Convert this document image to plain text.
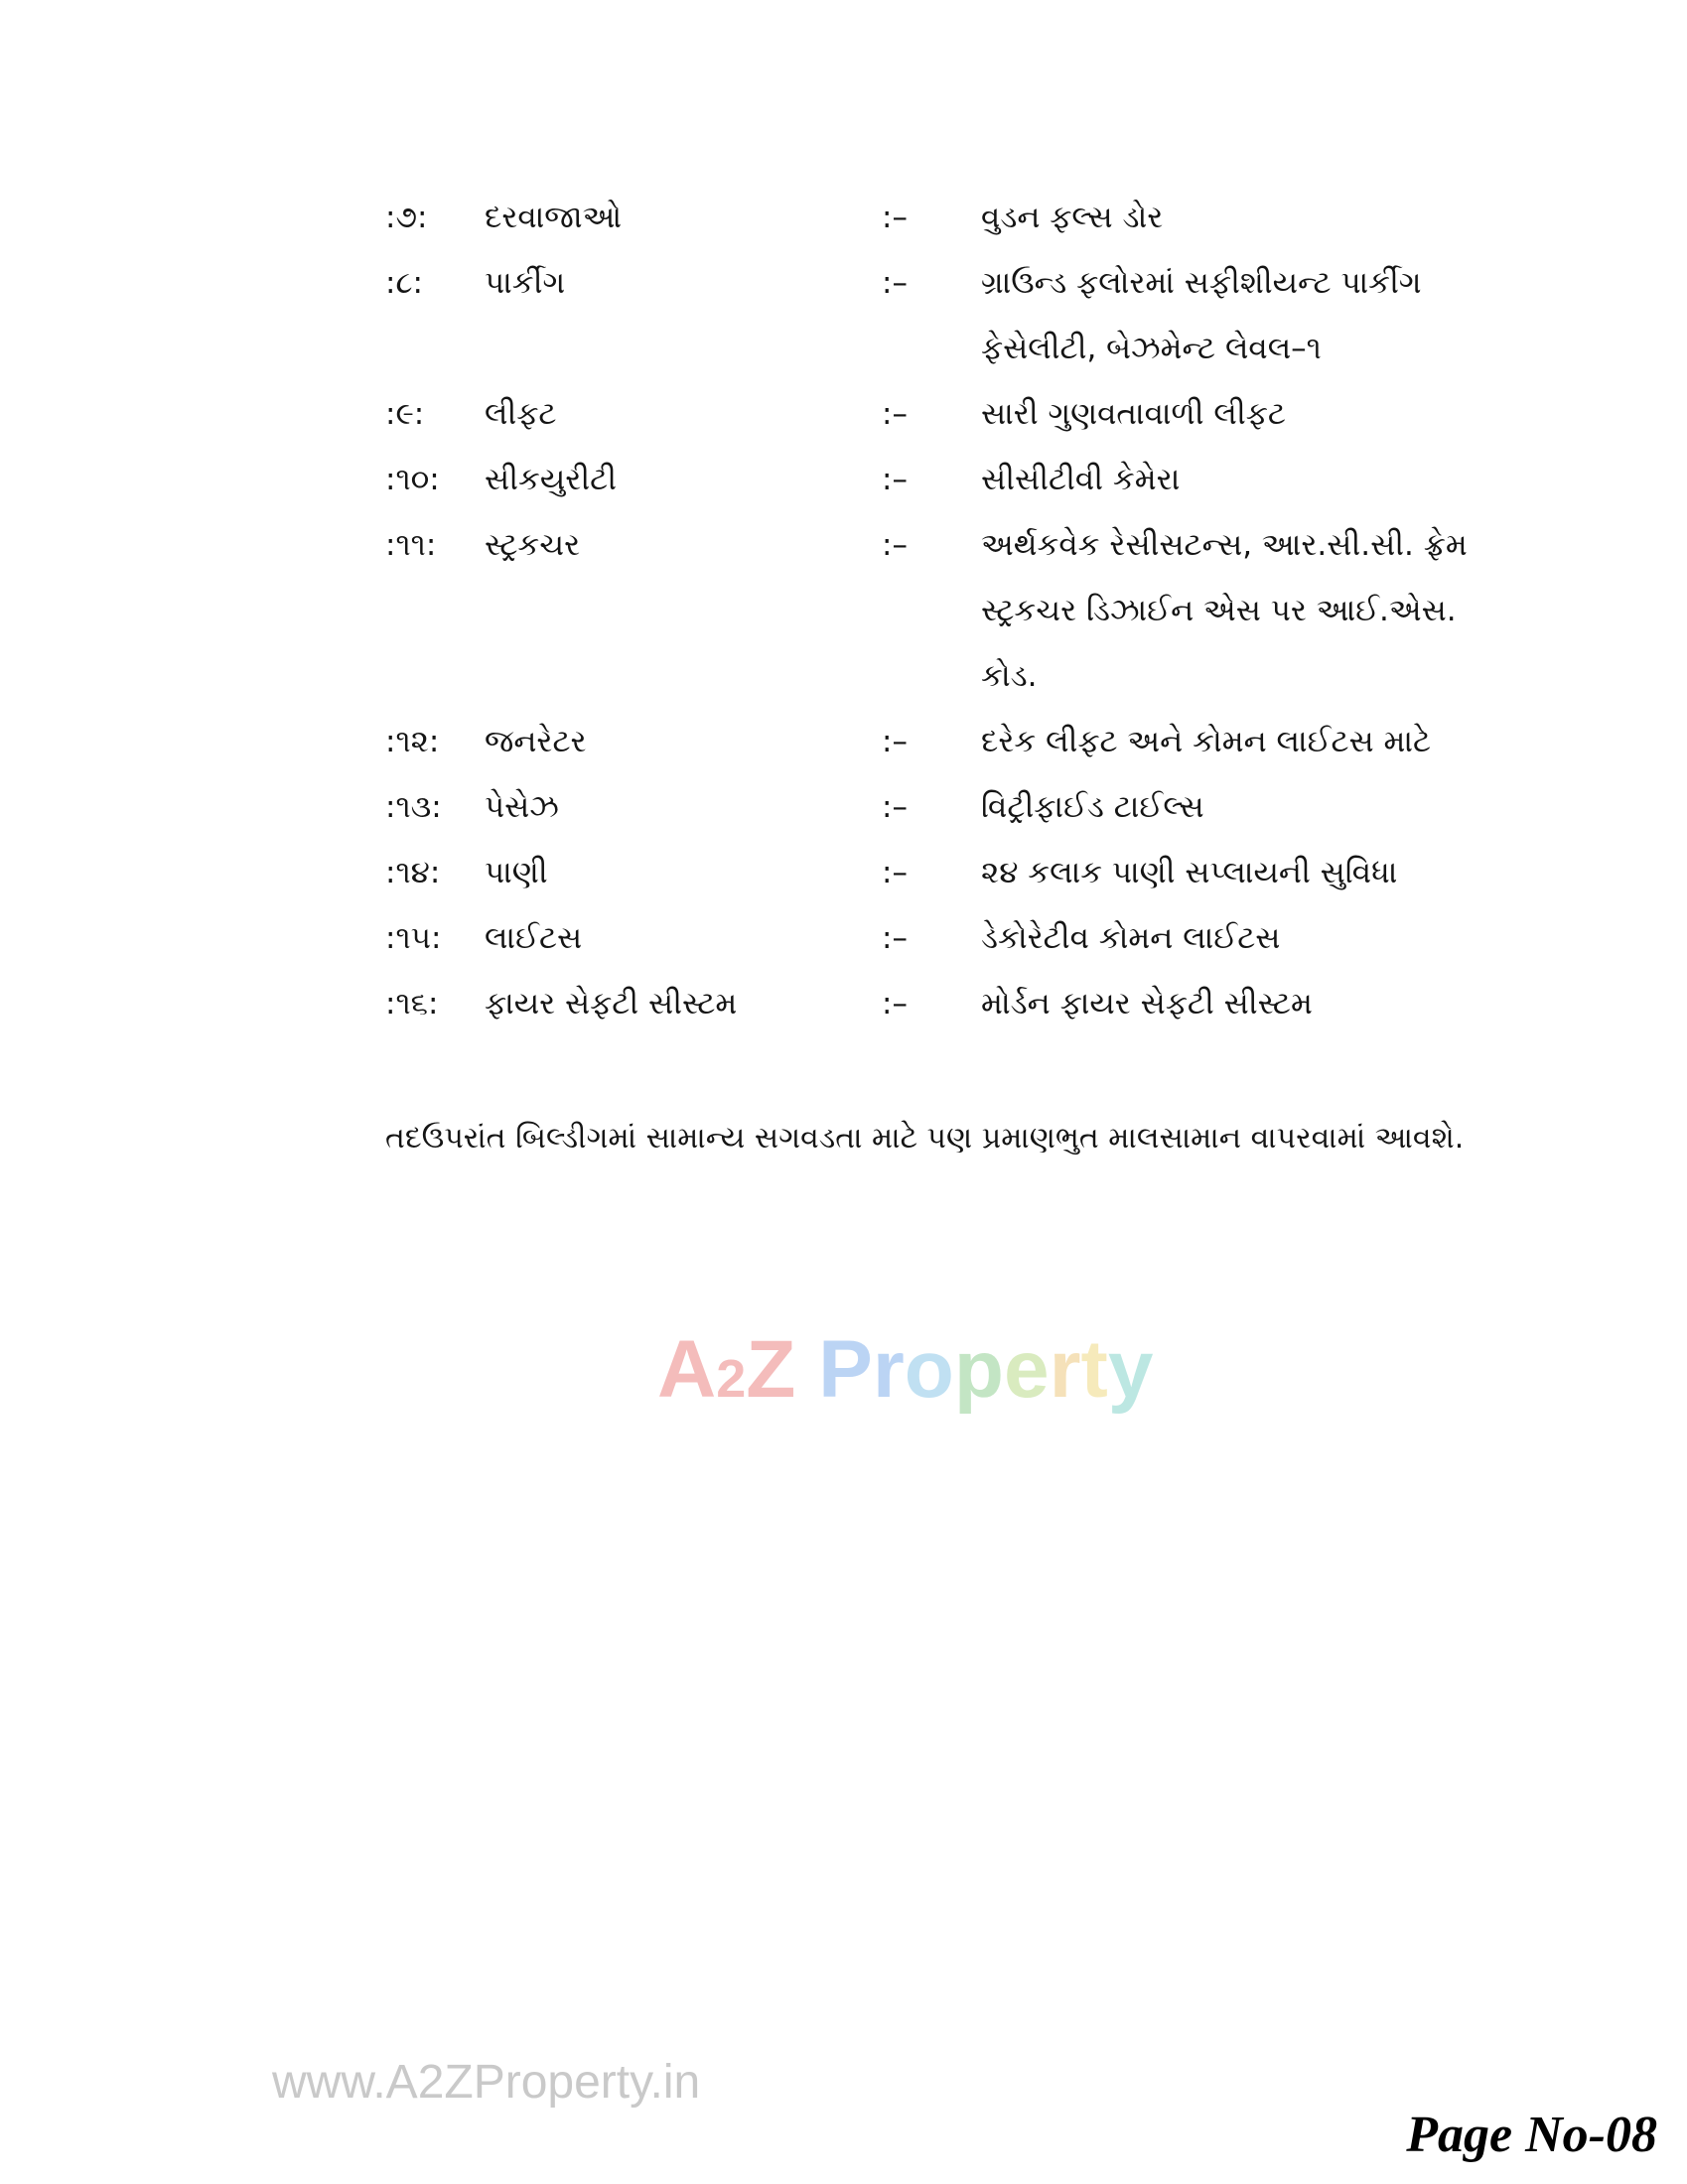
:૭:	દરવાજાઓ	:–	વુડન ફલ્સ ડોર
:૮:	પાર્કીગ	:–	ગ્રાઉન્ડ ફલોરમાં સફીશીયન્ટ પાર્કીગ ફેસેલીટી, બેઝમેન્ટ લેવલ–૧
:૯:	લીફટ	:–	સારી ગુણવતાવાળી લીફટ
:૧૦:	સીકયુરીટી	:–	સીસીટીવી કેમેરા
:૧૧:	સ્ટ્રકચર	:–	અર્થકવેક રેસીસટન્સ, આર.સી.સી. ફ્રેમ સ્ટ્રકચર ડિઝાઈન એસ પર આઈ.એસ. કોડ.
:૧૨:	જનરેટર	:–	દરેક લીફટ અને કોમન લાઈટસ માટે
:૧૩:	પેસેઝ	:–	વિટ્રીફાઈડ ટાઈલ્સ
:૧૪:	પાણી	:–	૨૪ કલાક પાણી સપ્લાયની સુવિધા
:૧૫:	લાઈટસ	:–	ડેકોરેટીવ કોમન લાઈટસ
:૧૬:	ફાયર સેફટી સીસ્ટમ	:–	મોર્ડન ફાયર સેફટી સીસ્ટમ
તદઉપરાંત બિલ્ડીગમાં સામાન્ય સગવડતા માટે પણ પ્રમાણભુત માલસામાન વાપરવામાં આવશે.
A2Z Property
www.A2ZProperty.in
Page No-08
